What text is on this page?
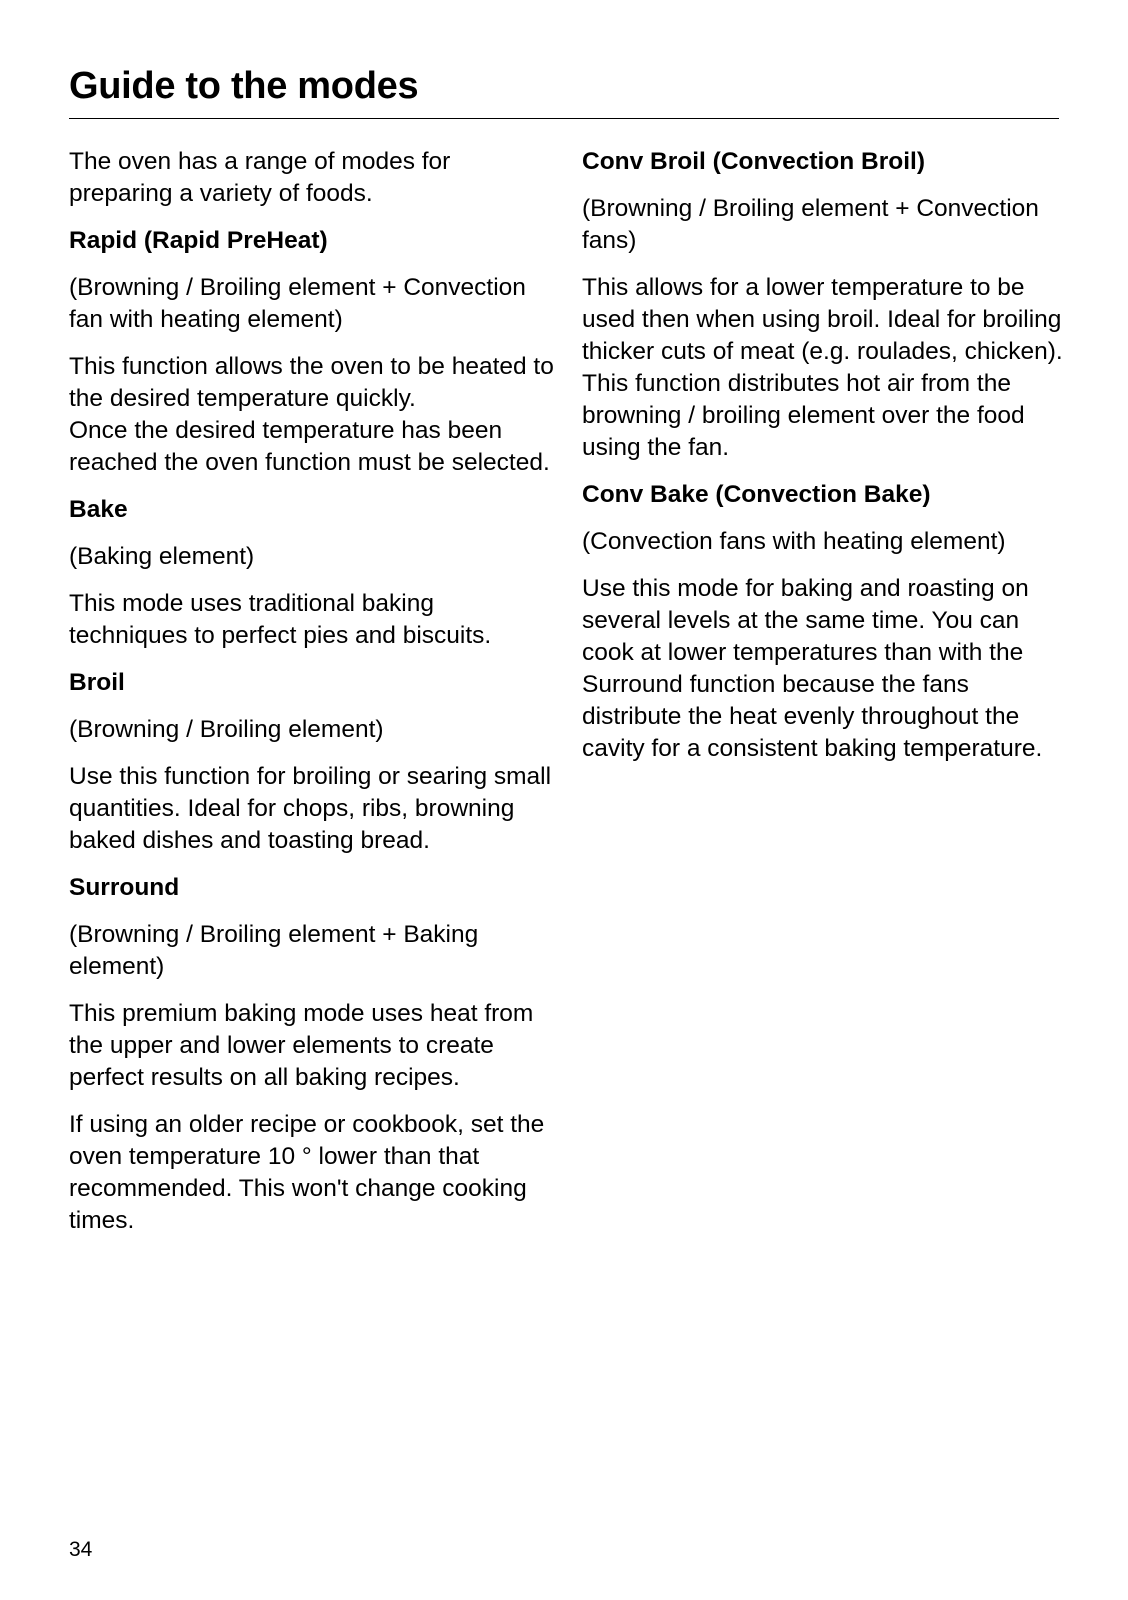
Guide to the modes

The oven has a range of modes for preparing a variety of foods.

Rapid (Rapid PreHeat)

(Browning / Broiling element + Convection fan with heating element)

This function allows the oven to be heated to the desired temperature quickly.

Once the desired temperature has been reached the oven function must be selected.

Bake

(Baking element)

This mode uses traditional baking techniques to perfect pies and biscuits.

Broil

(Browning / Broiling element)

Use this function for broiling or searing small quantities. Ideal for chops, ribs, browning baked dishes and toasting bread.

Surround

(Browning / Broiling element + Baking element)

This premium baking mode uses heat from the upper and lower elements to create perfect results on all baking recipes.

If using an older recipe or cookbook, set the oven temperature 10 ° lower than that recommended. This won't change cooking times.

Conv Broil (Convection Broil)

(Browning / Broiling element + Convection fans)

This allows for a lower temperature to be used then when using broil. Ideal for broiling thicker cuts of meat (e.g. roulades, chicken). This function distributes hot air from the browning / broiling element over the food using the fan.

Conv Bake (Convection Bake)

(Convection fans with heating element)

Use this mode for baking and roasting on several levels at the same time. You can cook at lower temperatures than with the Surround function because the fans distribute the heat evenly throughout the cavity for a consistent baking temperature.

34
